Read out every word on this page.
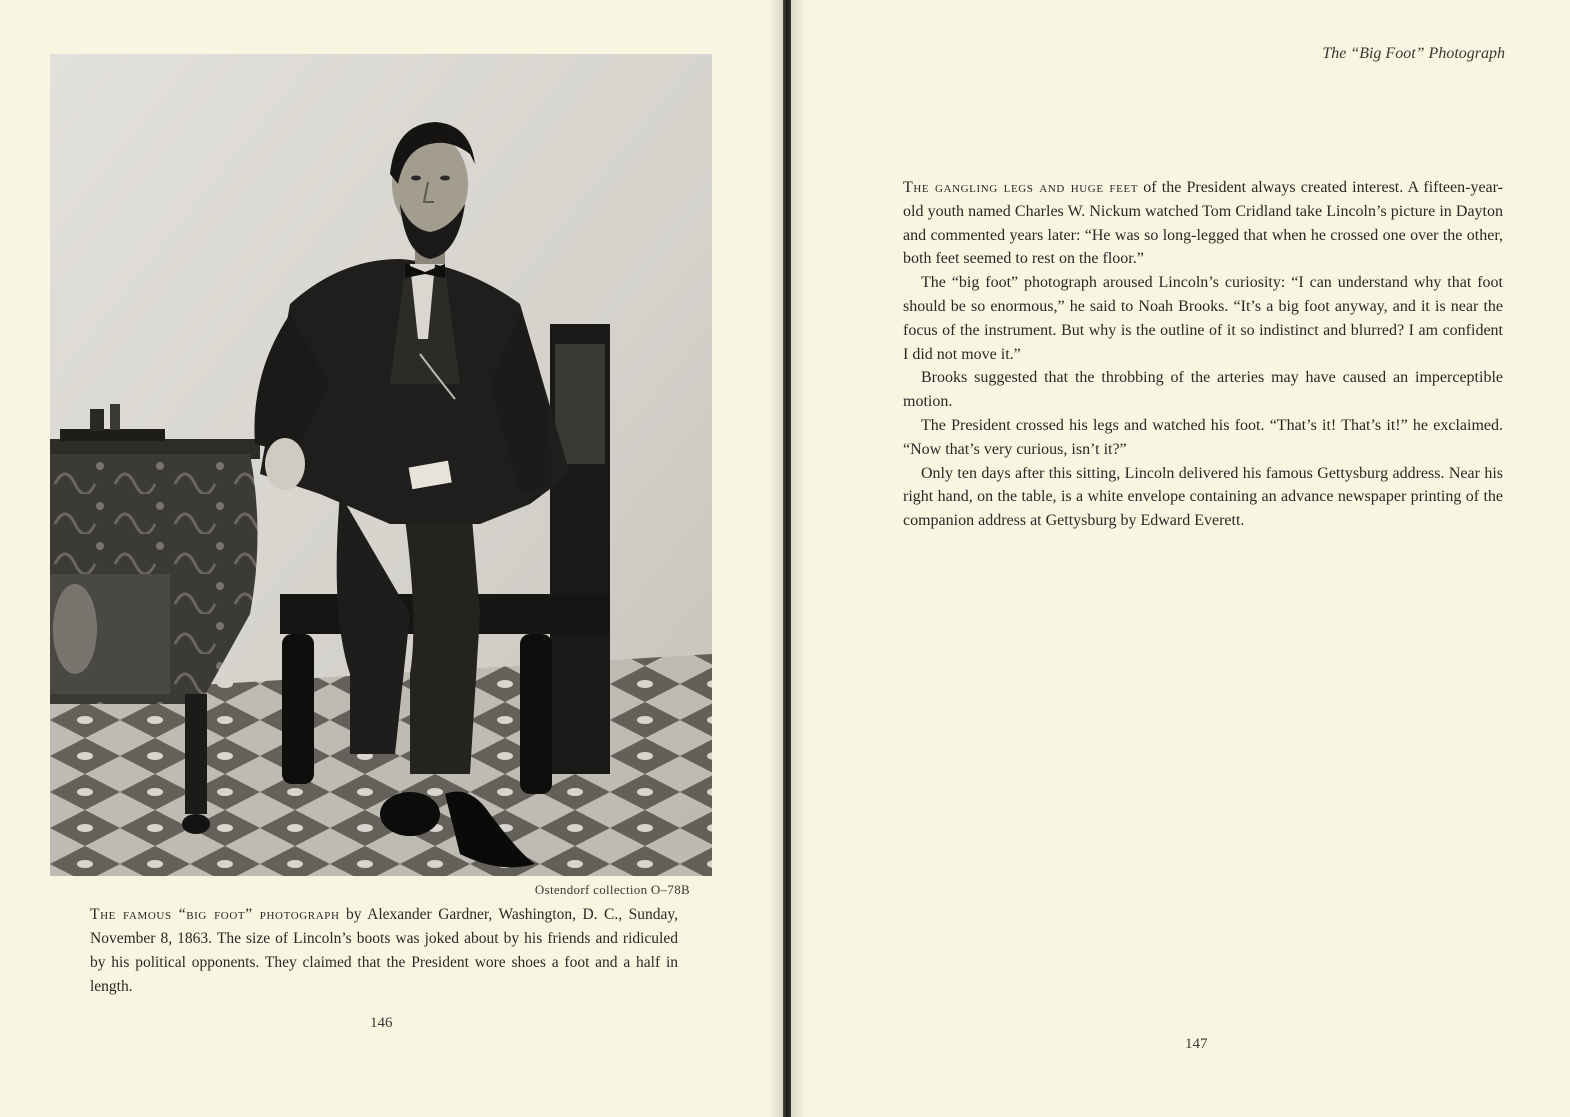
Ostendorf collection O–78B
The famous “big foot” photograph by Alexander Gardner, Washington, D. C., Sunday, November 8, 1863. The size of Lincoln’s boots was joked about by his friends and ridiculed by his political opponents. They claimed that the President wore shoes a foot and a half in length.
146
The “Big Foot” Photograph

The gangling legs and huge feet of the President always created interest. A fifteen-year-old youth named Charles W. Nickum watched Tom Cridland take Lincoln’s picture in Dayton and commented years later: “He was so long-legged that when he crossed one over the other, both feet seemed to rest on the floor.”

The “big foot” photograph aroused Lincoln’s curiosity: “I can understand why that foot should be so enormous,” he said to Noah Brooks. “It’s a big foot anyway, and it is near the focus of the instrument. But why is the outline of it so indistinct and blurred? I am confident I did not move it.”

Brooks suggested that the throbbing of the arteries may have caused an imperceptible motion.

The President crossed his legs and watched his foot. “That’s it! That’s it!” he exclaimed. “Now that’s very curious, isn’t it?”

Only ten days after this sitting, Lincoln delivered his famous Gettysburg address. Near his right hand, on the table, is a white envelope containing an advance newspaper printing of the companion address at Gettysburg by Edward Everett.

147
